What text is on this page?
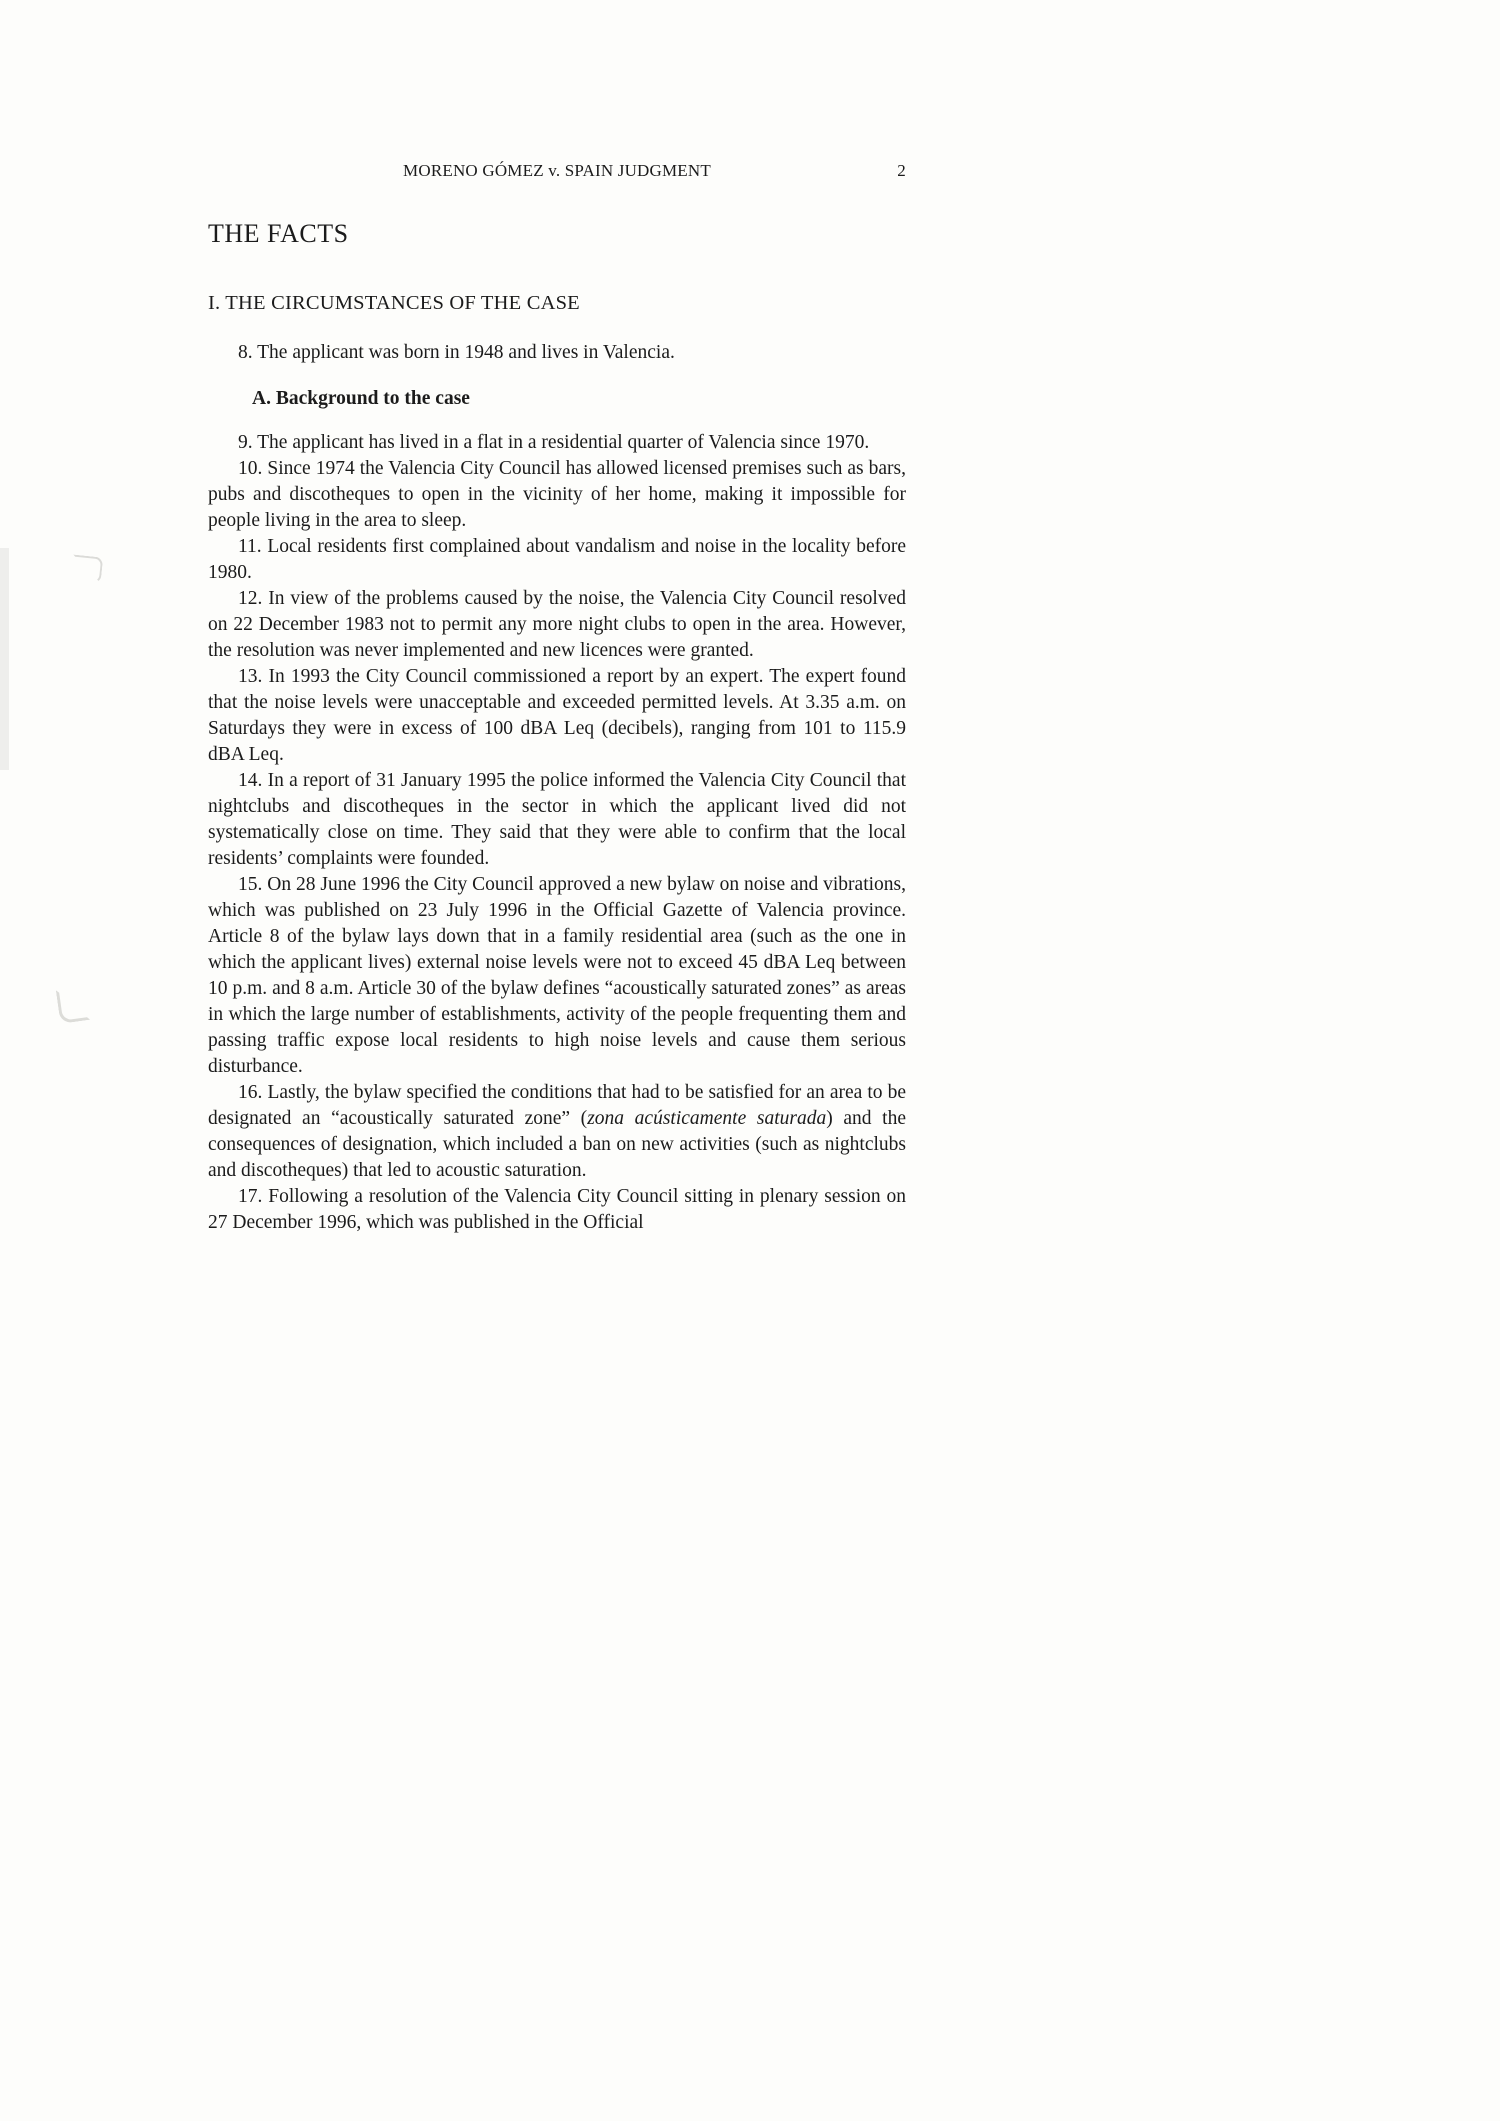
MORENO GÓMEZ v. SPAIN JUDGMENT	2
THE FACTS
I. THE CIRCUMSTANCES OF THE CASE

8. The applicant was born in 1948 and lives in Valencia.

A. Background to the case

9. The applicant has lived in a flat in a residential quarter of Valencia since 1970.

10. Since 1974 the Valencia City Council has allowed licensed premises such as bars, pubs and discotheques to open in the vicinity of her home, making it impossible for people living in the area to sleep.

11. Local residents first complained about vandalism and noise in the locality before 1980.

12. In view of the problems caused by the noise, the Valencia City Council resolved on 22 December 1983 not to permit any more night clubs to open in the area. However, the resolution was never implemented and new licences were granted.

13. In 1993 the City Council commissioned a report by an expert. The expert found that the noise levels were unacceptable and exceeded permitted levels. At 3.35 a.m. on Saturdays they were in excess of 100 dBA Leq (decibels), ranging from 101 to 115.9 dBA Leq.

14. In a report of 31 January 1995 the police informed the Valencia City Council that nightclubs and discotheques in the sector in which the applicant lived did not systematically close on time. They said that they were able to confirm that the local residents’ complaints were founded.

15. On 28 June 1996 the City Council approved a new bylaw on noise and vibrations, which was published on 23 July 1996 in the Official Gazette of Valencia province. Article 8 of the bylaw lays down that in a family residential area (such as the one in which the applicant lives) external noise levels were not to exceed 45 dBA Leq between 10 p.m. and 8 a.m. Article 30 of the bylaw defines “acoustically saturated zones” as areas in which the large number of establishments, activity of the people frequenting them and passing traffic expose local residents to high noise levels and cause them serious disturbance.

16. Lastly, the bylaw specified the conditions that had to be satisfied for an area to be designated an “acoustically saturated zone” (zona acústicamente saturada) and the consequences of designation, which included a ban on new activities (such as nightclubs and discotheques) that led to acoustic saturation.

17. Following a resolution of the Valencia City Council sitting in plenary session on 27 December 1996, which was published in the Official
